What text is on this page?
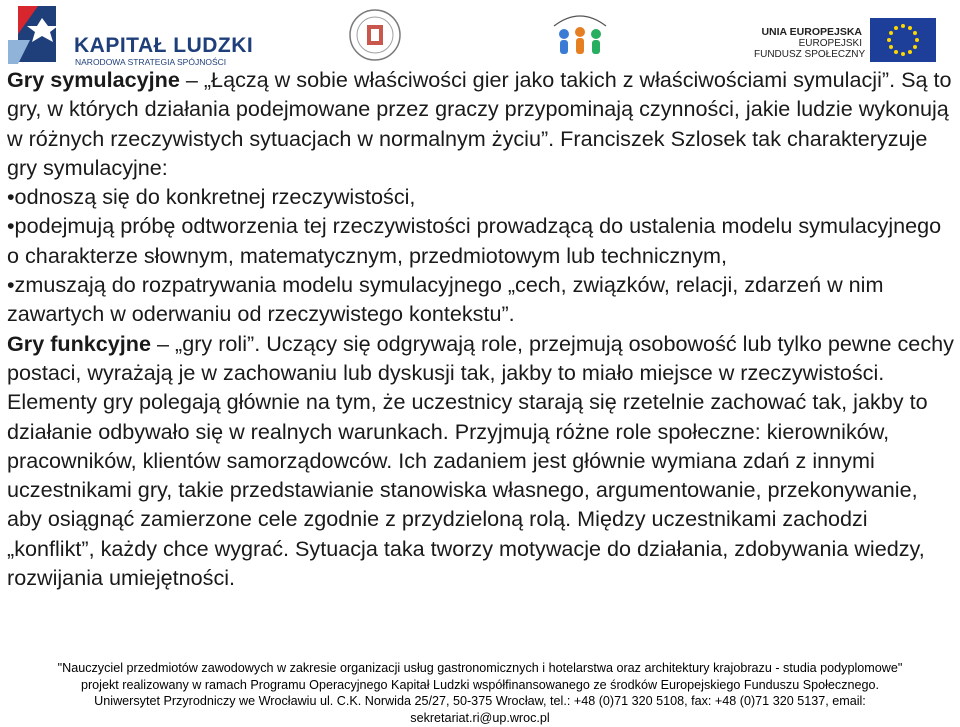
KAPITAŁ LUDZKI
NARODOWA STRATEGIA SPÓJNOŚCI
UNIA EUROPEJSKA
EUROPEJSKI
FUNDUSZ SPOŁECZNY

Gry symulacyjne – „Łączą w sobie właściwości gier jako takich z właściwościami symulacji”. Są to gry, w których działania podejmowane przez graczy przypominają czynności, jakie ludzie wykonują w różnych rzeczywistych sytuacjach w normalnym życiu”. Franciszek Szlosek tak charakteryzuje gry symulacyjne:

•odnoszą się do konkretnej rzeczywistości,

•podejmują próbę odtworzenia tej rzeczywistości prowadzącą do ustalenia modelu symulacyjnego o charakterze słownym, matematycznym, przedmiotowym lub technicznym,

•zmuszają do rozpatrywania modelu symulacyjnego „cech, związków, relacji, zdarzeń w nim zawartych w oderwaniu od rzeczywistego kontekstu”.

Gry funkcyjne – „gry roli”. Uczący się odgrywają role, przejmują osobowość lub tylko pewne cechy postaci, wyrażają je w zachowaniu lub dyskusji tak, jakby to miało miejsce w rzeczywistości. Elementy gry polegają głównie na tym, że uczestnicy starają się rzetelnie zachować tak, jakby to działanie odbywało się w realnych warunkach. Przyjmują różne role społeczne: kierowników, pracowników, klientów samorządowców. Ich zadaniem jest głównie wymiana zdań z innymi uczestnikami gry, takie przedstawianie stanowiska własnego, argumentowanie, przekonywanie, aby osiągnąć zamierzone cele zgodnie z przydzieloną rolą. Między uczestnikami zachodzi „konflikt”, każdy chce wygrać. Sytuacja taka tworzy motywacje do działania, zdobywania wiedzy, rozwijania umiejętności.

"Nauczyciel przedmiotów zawodowych w zakresie organizacji usług gastronomicznych i hotelarstwa oraz architektury krajobrazu - studia podyplomowe"
projekt realizowany w ramach Programu Operacyjnego Kapitał Ludzki współfinansowanego ze środków Europejskiego Funduszu Społecznego.
Uniwersytet Przyrodniczy we Wrocławiu ul. C.K. Norwida 25/27, 50-375 Wrocław, tel.: +48 (0)71 320 5108, fax: +48 (0)71 320 5137, email:
sekretariat.ri@up.wroc.pl
